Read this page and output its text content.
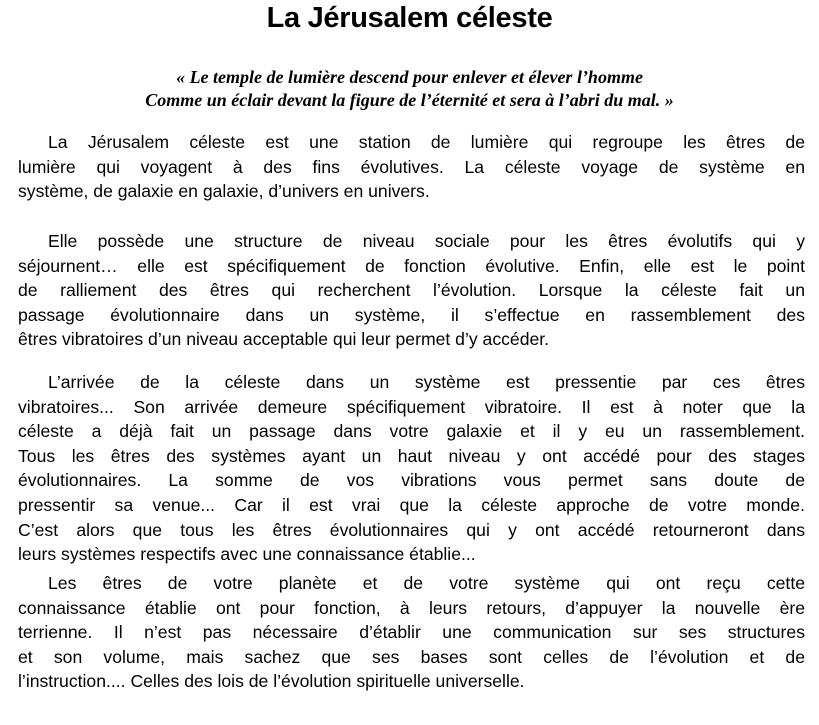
La Jérusalem céleste
« Le temple de lumière descend pour enlever et élever l’homme
Comme un éclair devant la figure de l’éternité et sera à l’abri du mal. »
La Jérusalem céleste est une station de lumière qui regroupe les êtres de
lumière qui voyagent à des fins évolutives. La céleste voyage de système en
système, de galaxie en galaxie, d’univers en univers.
Elle possède une structure de niveau sociale pour les êtres évolutifs qui y
séjournent… elle est spécifiquement de fonction évolutive. Enfin, elle est le point
de ralliement des êtres qui recherchent l’évolution. Lorsque la céleste fait un
passage évolutionnaire dans un système, il s’effectue en rassemblement des
êtres vibratoires d’un niveau acceptable qui leur permet d’y accéder.
L’arrivée de la céleste dans un système est pressentie par ces êtres
vibratoires... Son arrivée demeure spécifiquement vibratoire. Il est à noter que la
céleste a déjà fait un passage dans votre galaxie et il y eu un rassemblement.
Tous les êtres des systèmes ayant un haut niveau y ont accédé pour des stages
évolutionnaires. La somme de vos vibrations vous permet sans doute de
pressentir sa venue... Car il est vrai que la céleste approche de votre monde.
C’est alors que tous les êtres évolutionnaires qui y ont accédé retourneront dans
leurs systèmes respectifs avec une connaissance établie...
Les êtres de votre planète et de votre système qui ont reçu cette
connaissance établie ont pour fonction, à leurs retours, d’appuyer la nouvelle ère
terrienne. Il n’est pas nécessaire d’établir une communication sur ses structures
et son volume, mais sachez que ses bases sont celles de l’évolution et de
l’instruction.... Celles des lois de l’évolution spirituelle universelle.
